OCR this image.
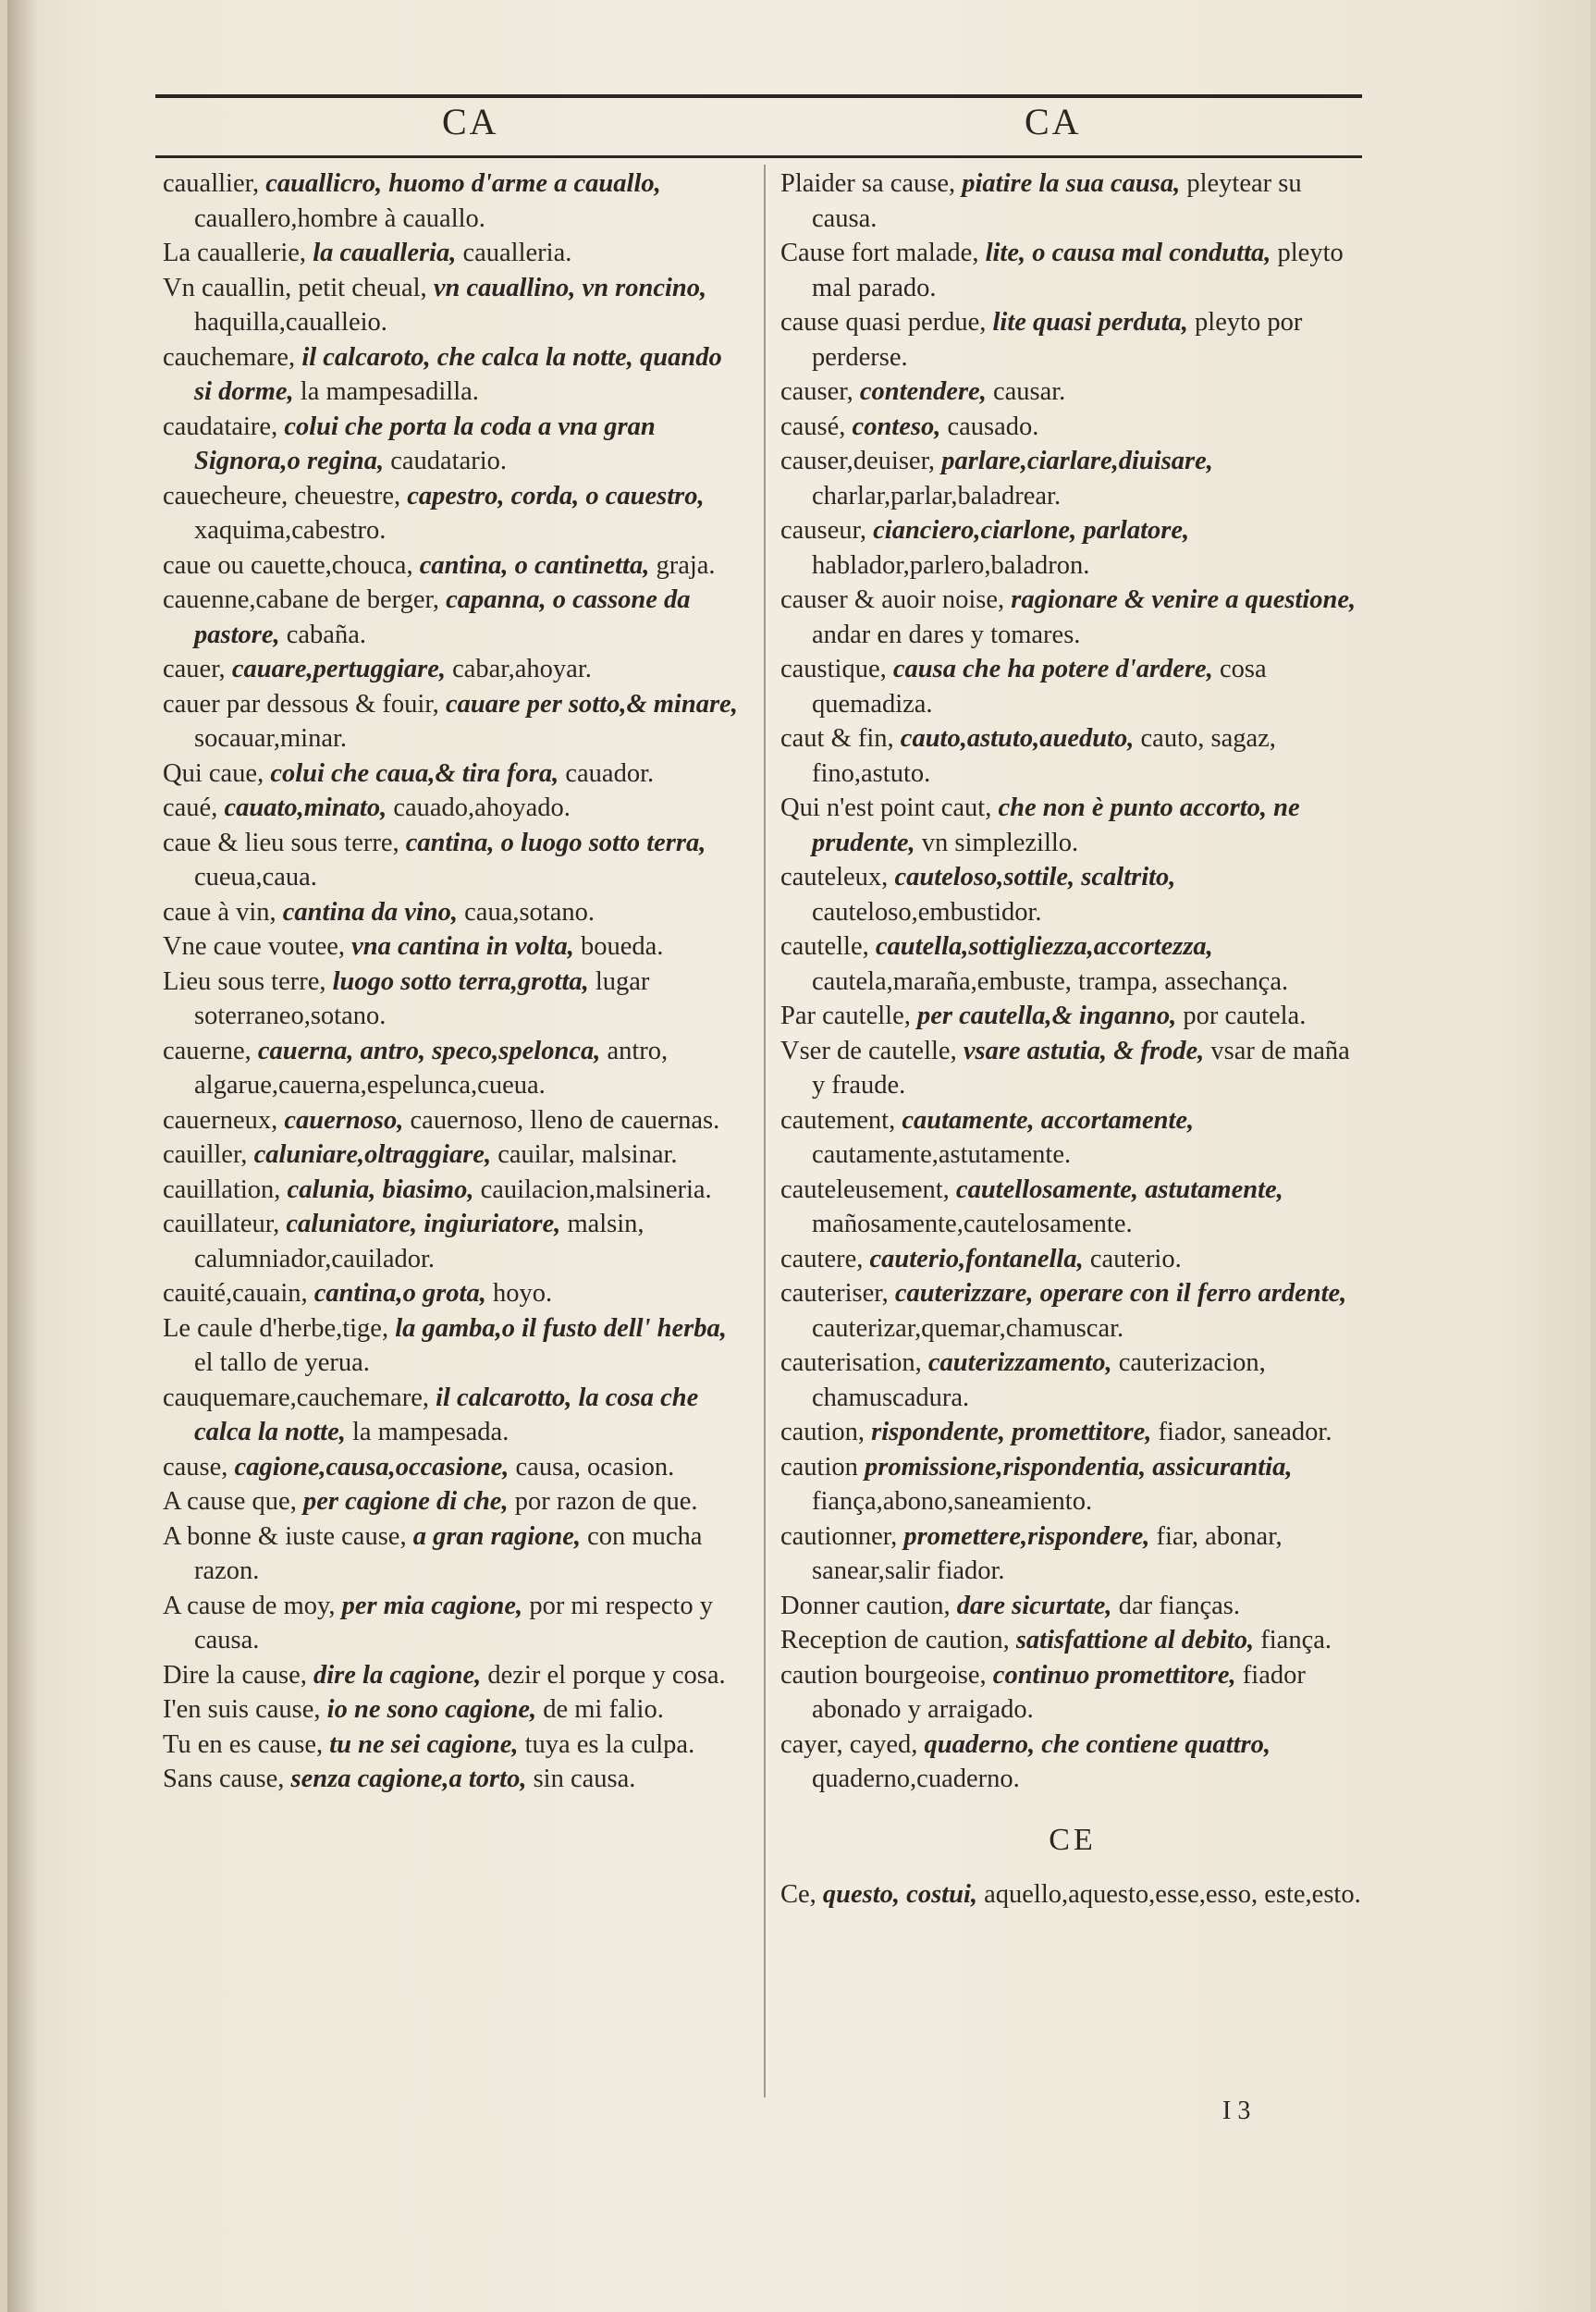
CA	CA

cauallier, cauallicro, huomo d'arme a cauallo, cauallero,hombre à cauallo.

La cauallerie, la caualleria, caualleria.

Vn cauallin, petit cheual, vn cauallino, vn roncino, haquilla,caualleio.

cauchemare, il calcaroto, che calca la notte, quando si dorme, la mampesadilla.

caudataire, colui che porta la coda a vna gran Signora,o regina, caudatario.

cauecheure, cheuestre, capestro, corda, o cauestro, xaquima,cabestro.

caue ou cauette,chouca, cantina, o cantinetta, graja.

cauenne,cabane de berger, capanna, o cassone da pastore, cabaña.

cauer, cauare,pertuggiare, cabar,ahoyar.

cauer par dessous & fouir, cauare per sotto,& minare, socauar,minar.

Qui caue, colui che caua,& tira fora, cauador.

caué, cauato,minato, cauado,ahoyado.

caue & lieu sous terre, cantina, o luogo sotto terra, cueua,caua.

caue à vin, cantina da vino, caua,sotano.

Vne caue voutee, vna cantina in volta, boueda.

Lieu sous terre, luogo sotto terra,grotta, lugar soterraneo,sotano.

cauerne, cauerna, antro, speco,spelonca, antro, algarue,cauerna,espelunca,cueua.

cauerneux, cauernoso, cauernoso, lleno de cauernas.

cauiller, caluniare,oltraggiare, cauilar, malsinar.

cauillation, calunia, biasimo, cauilacion,malsineria.

cauillateur, caluniatore, ingiuriatore, malsin, calumniador,cauilador.

cauité,cauain, cantina,o grota, hoyo.

Le caule d'herbe,tige, la gamba,o il fusto dell' herba, el tallo de yerua.

cauquemare,cauchemare, il calcarotto, la cosa che calca la notte, la mampesada.

cause, cagione,causa,occasione, causa, ocasion.

A cause que, per cagione di che, por razon de que.

A bonne & iuste cause, a gran ragione, con mucha razon.

A cause de moy, per mia cagione, por mi respecto y causa.

Dire la cause, dire la cagione, dezir el porque y cosa.

I'en suis cause, io ne sono cagione, de mi falio.

Tu en es cause, tu ne sei cagione, tuya es la culpa.

Sans cause, senza cagione,a torto, sin causa.

Plaider sa cause, piatire la sua causa, pleytear su causa.

Cause fort malade, lite, o causa mal condutta, pleyto mal parado.

cause quasi perdue, lite quasi perduta, pleyto por perderse.

causer, contendere, causar.

causé, conteso, causado.

causer,deuiser, parlare,ciarlare,diuisare, charlar,parlar,baladrear.

causeur, cianciero,ciarlone, parlatore, hablador,parlero,baladron.

causer & auoir noise, ragionare & venire a questione, andar en dares y tomares.

caustique, causa che ha potere d'ardere, cosa quemadiza.

caut & fin, cauto,astuto,aueduto, cauto, sagaz, fino,astuto.

Qui n'est point caut, che non è punto accorto, ne prudente, vn simplezillo.

cauteleux, cauteloso,sottile, scaltrito, cauteloso,embustidor.

cautelle, cautella,sottigliezza,accortezza, cautela,maraña,embuste, trampa, assechança.

Par cautelle, per cautella,& inganno, por cautela.

Vser de cautelle, vsare astutia, & frode, vsar de maña y fraude.

cautement, cautamente, accortamente, cautamente,astutamente.

cauteleusement, cautellosamente, astutamente, mañosamente,cautelosamente.

cautere, cauterio,fontanella, cauterio.

cauteriser, cauterizzare, operare con il ferro ardente, cauterizar,quemar,chamuscar.

cauterisation, cauterizzamento, cauterizacion, chamuscadura.

caution, rispondente, promettitore, fiador, saneador.

caution promissione,rispondentia, assicurantia, fiança,abono,saneamiento.

cautionner, promettere,rispondere, fiar, abonar, sanear,salir fiador.

Donner caution, dare sicurtate, dar fianças.

Reception de caution, satisfattione al debito, fiança.

caution bourgeoise, continuo promettitore, fiador abonado y arraigado.

cayer, cayed, quaderno, che contiene quattro, quaderno,cuaderno.

CE

Ce, questo, costui, aquello,aquesto,esse,esso, este,esto.

I 3
